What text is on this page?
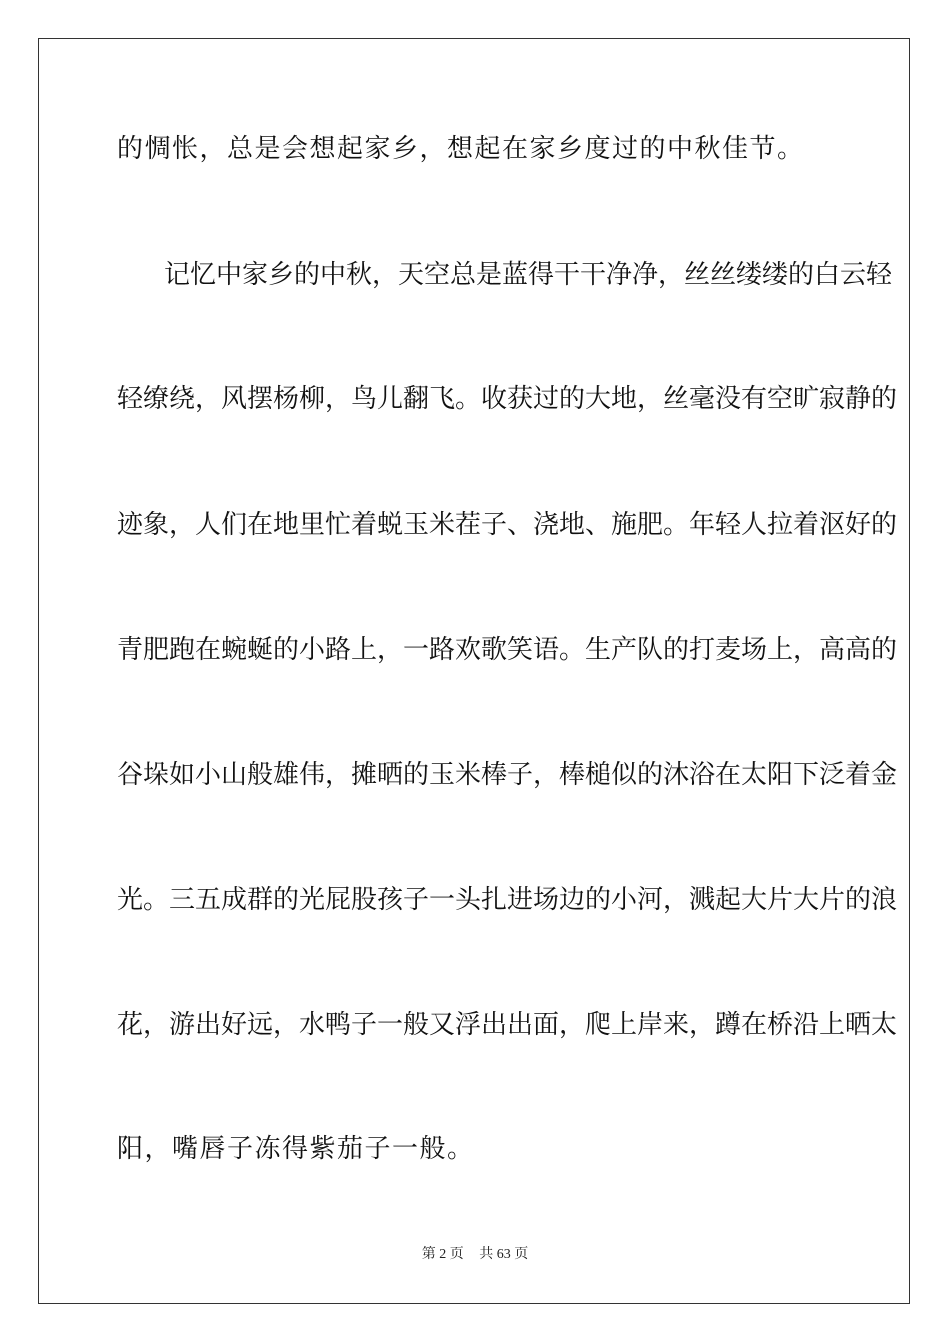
的惆怅，总是会想起家乡，想起在家乡度过的中秋佳节。
记忆中家乡的中秋，天空总是蓝得干干净净，丝丝缕缕的白云轻
轻缭绕，风摆杨柳，鸟儿翻飞。收获过的大地，丝毫没有空旷寂静的
迹象，人们在地里忙着蜕玉米茬子、浇地、施肥。年轻人拉着沤好的
青肥跑在蜿蜒的小路上，一路欢歌笑语。生产队的打麦场上，高高的
谷垛如小山般雄伟，摊晒的玉米棒子，棒槌似的沐浴在太阳下泛着金
光。三五成群的光屁股孩子一头扎进场边的小河，溅起大片大片的浪
花，游出好远，水鸭子一般又浮出出面，爬上岸来，蹲在桥沿上晒太
阳，嘴唇子冻得紫茄子一般。
第 2 页 共 63 页
